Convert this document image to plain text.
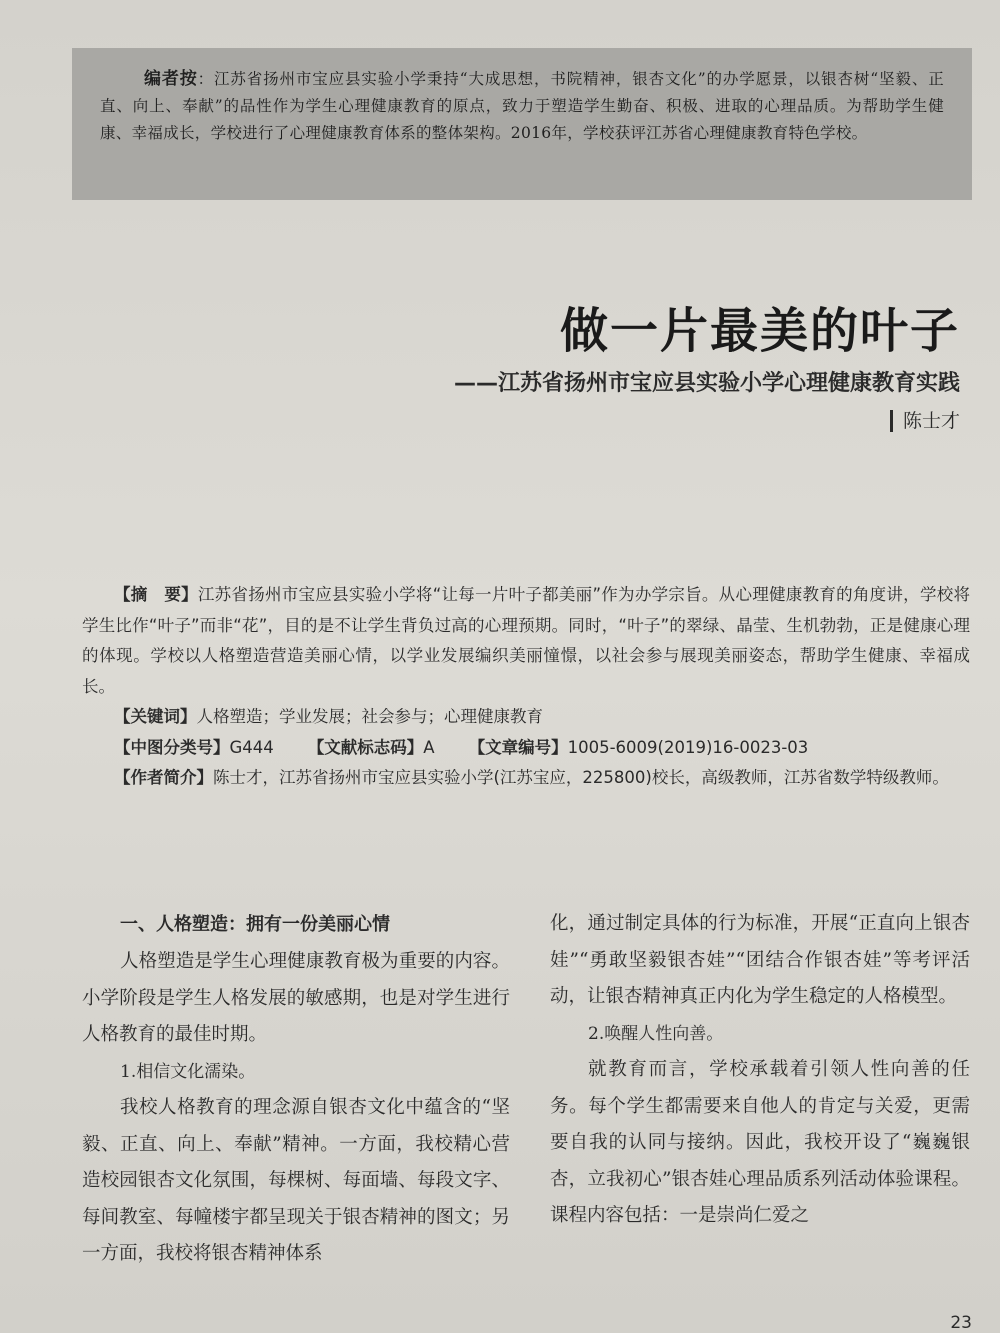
编者按：江苏省扬州市宝应县实验小学秉持“大成思想，书院精神，银杏文化”的办学愿景，以银杏树“坚毅、正直、向上、奉献”的品性作为学生心理健康教育的原点，致力于塑造学生勤奋、积极、进取的心理品质。为帮助学生健康、幸福成长，学校进行了心理健康教育体系的整体架构。2016年，学校获评江苏省心理健康教育特色学校。

做一片最美的叶子
——江苏省扬州市宝应县实验小学心理健康教育实践

陈士才

【摘　要】江苏省扬州市宝应县实验小学将“让每一片叶子都美丽”作为办学宗旨。从心理健康教育的角度讲，学校将学生比作“叶子”而非“花”，目的是不让学生背负过高的心理预期。同时，“叶子”的翠绿、晶莹、生机勃勃，正是健康心理的体现。学校以人格塑造营造美丽心情，以学业发展编织美丽憧憬，以社会参与展现美丽姿态，帮助学生健康、幸福成长。

【关键词】人格塑造；学业发展；社会参与；心理健康教育

【中图分类号】G444 【文献标志码】A 【文章编号】1005-6009(2019)16-0023-03

【作者简介】陈士才，江苏省扬州市宝应县实验小学(江苏宝应，225800)校长，高级教师，江苏省数学特级教师。

一、人格塑造：拥有一份美丽心情

人格塑造是学生心理健康教育极为重要的内容。小学阶段是学生人格发展的敏感期，也是对学生进行人格教育的最佳时期。

1.相信文化濡染。

我校人格教育的理念源自银杏文化中蕴含的“坚毅、正直、向上、奉献”精神。一方面，我校精心营造校园银杏文化氛围，每棵树、每面墙、每段文字、每间教室、每幢楼宇都呈现关于银杏精神的图文；另一方面，我校将银杏精神体系

化，通过制定具体的行为标准，开展“正直向上银杏娃”“勇敢坚毅银杏娃”“团结合作银杏娃”等考评活动，让银杏精神真正内化为学生稳定的人格模型。

2.唤醒人性向善。

就教育而言，学校承载着引领人性向善的任务。每个学生都需要来自他人的肯定与关爱，更需要自我的认同与接纳。因此，我校开设了“巍巍银杏，立我初心”银杏娃心理品质系列活动体验课程。课程内容包括：一是崇尚仁爱之

23
